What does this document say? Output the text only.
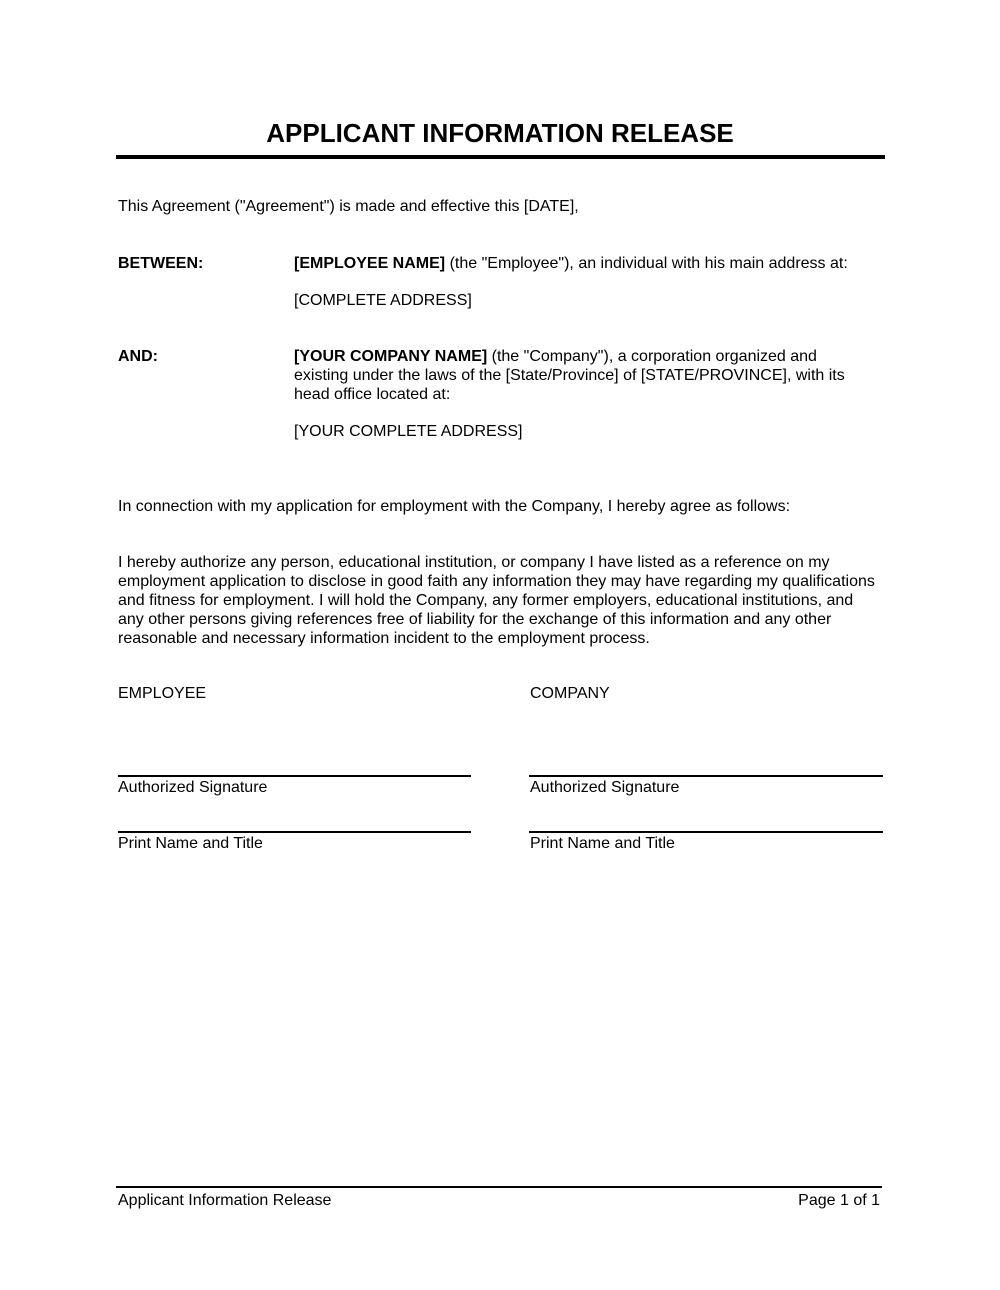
APPLICANT INFORMATION RELEASE
This Agreement ("Agreement") is made and effective this [DATE],
BETWEEN:	[EMPLOYEE NAME] (the "Employee"), an individual with his main address at:
[COMPLETE ADDRESS]
AND:	[YOUR COMPANY NAME] (the "Company"), a corporation organized and existing under the laws of the [State/Province] of [STATE/PROVINCE], with its head office located at:
[YOUR COMPLETE ADDRESS]
In connection with my application for employment with the Company, I hereby agree as follows:
I hereby authorize any person, educational institution, or company I have listed as a reference on my employment application to disclose in good faith any information they may have regarding my qualifications and fitness for employment. I will hold the Company, any former employers, educational institutions, and any other persons giving references free of liability for the exchange of this information and any other reasonable and necessary information incident to the employment process.
EMPLOYEE
Authorized Signature
Print Name and Title
COMPANY
Authorized Signature
Print Name and Title
Applicant Information Release	Page 1 of 1
